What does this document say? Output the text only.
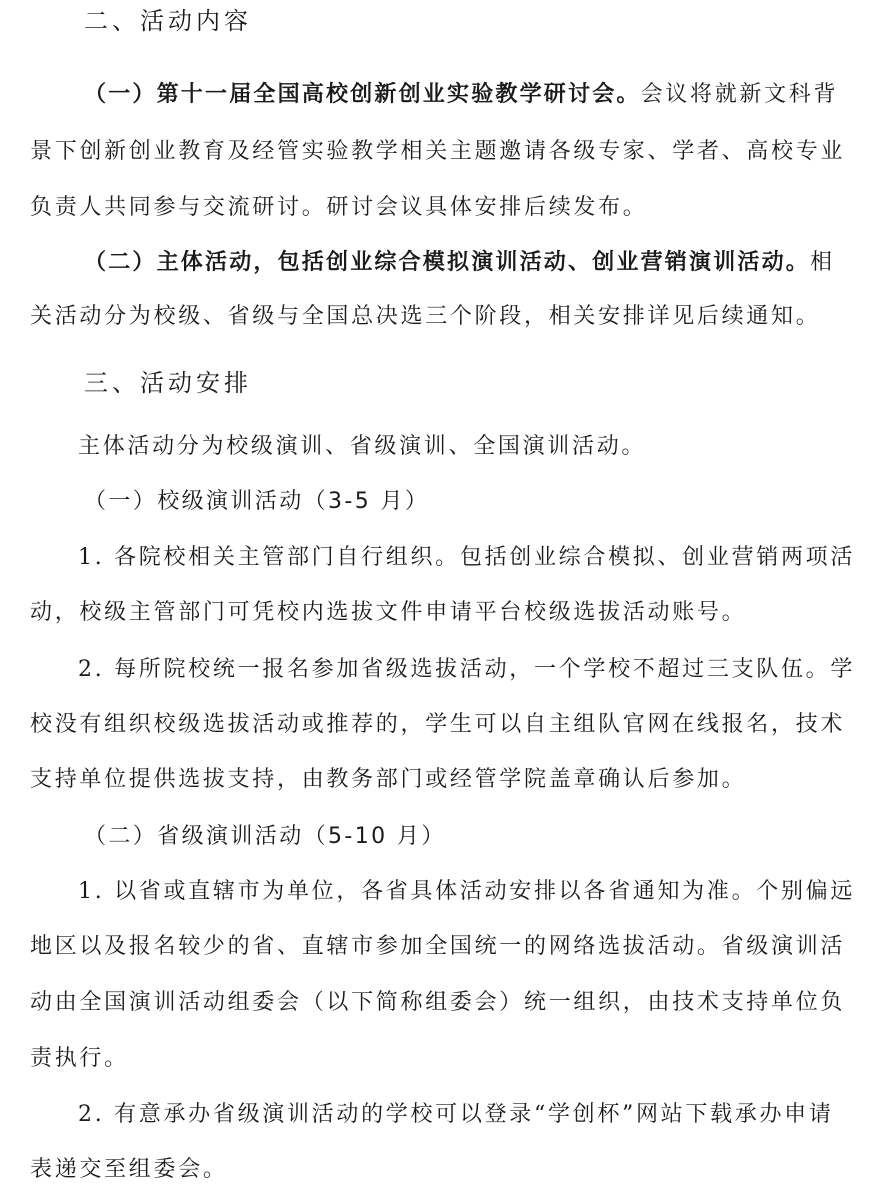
二、活动内容
（一）第十一届全国高校创新创业实验教学研讨会。会议将就新文科背
景下创新创业教育及经管实验教学相关主题邀请各级专家、学者、高校专业
负责人共同参与交流研讨。研讨会议具体安排后续发布。
（二）主体活动，包括创业综合模拟演训活动、创业营销演训活动。相
关活动分为校级、省级与全国总决选三个阶段，相关安排详见后续通知。
三、活动安排
主体活动分为校级演训、省级演训、全国演训活动。
（一）校级演训活动（3-5 月）
1. 各院校相关主管部门自行组织。包括创业综合模拟、创业营销两项活
动，校级主管部门可凭校内选拔文件申请平台校级选拔活动账号。
2. 每所院校统一报名参加省级选拔活动，一个学校不超过三支队伍。学
校没有组织校级选拔活动或推荐的，学生可以自主组队官网在线报名，技术
支持单位提供选拔支持，由教务部门或经管学院盖章确认后参加。
（二）省级演训活动（5-10 月）
1. 以省或直辖市为单位，各省具体活动安排以各省通知为准。个别偏远
地区以及报名较少的省、直辖市参加全国统一的网络选拔活动。省级演训活
动由全国演训活动组委会（以下简称组委会）统一组织，由技术支持单位负
责执行。
2. 有意承办省级演训活动的学校可以登录“学创杯”网站下载承办申请
表递交至组委会。
